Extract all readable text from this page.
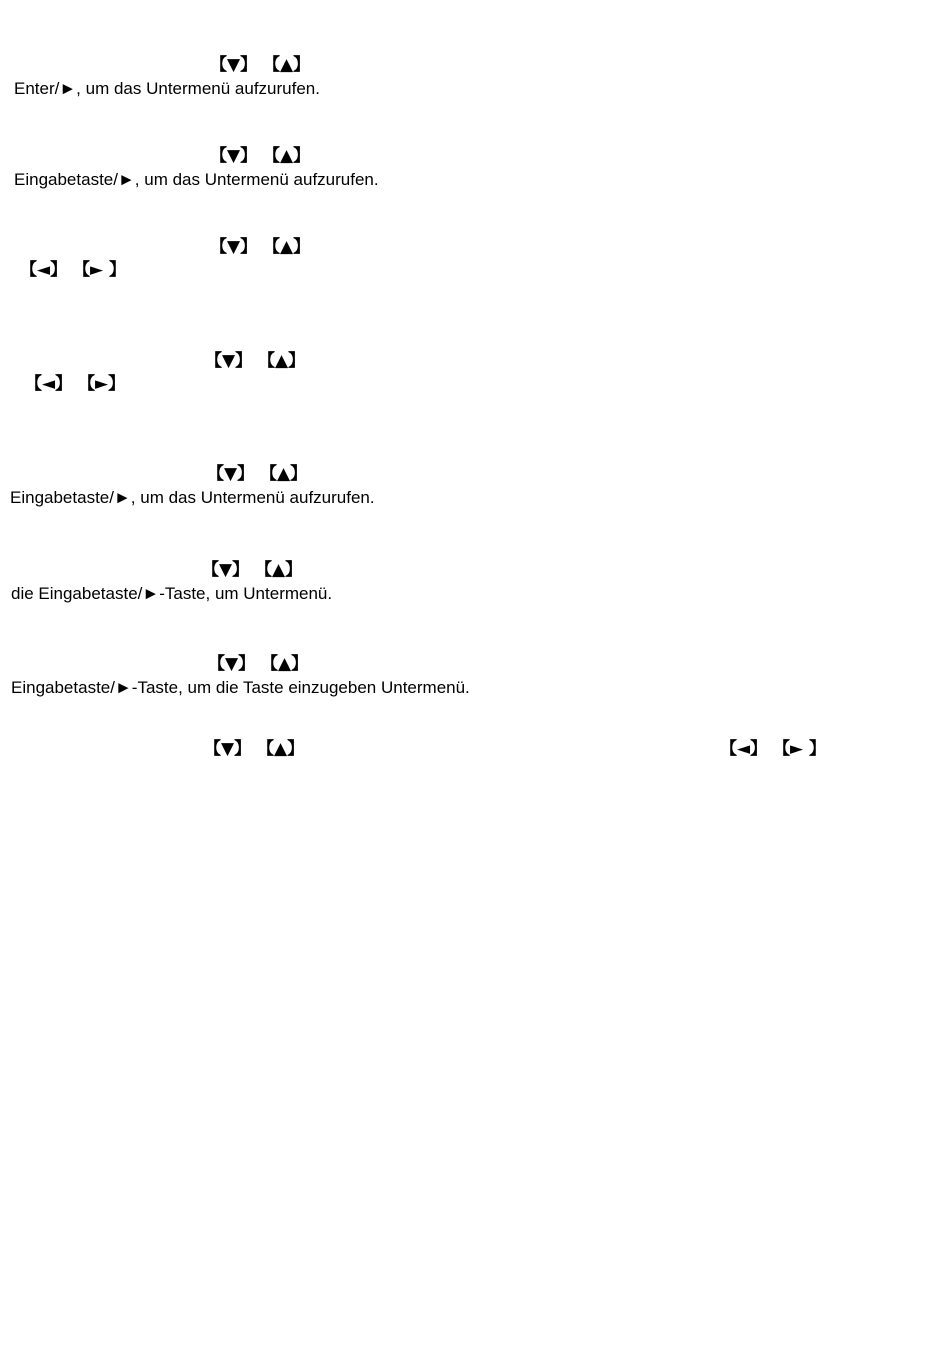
【▼】 【▲】
Enter/►, um das Untermenü aufzurufen.
【▼】 【▲】
Eingabetaste/►, um das Untermenü aufzurufen.
【▼】 【▲】
【◄】 【► 】
【▼】 【▲】
【◄】 【►】
【▼】 【▲】
Eingabetaste/►, um das Untermenü aufzurufen.
【▼】 【▲】
die Eingabetaste/►-Taste, um Untermenü.
【▼】 【▲】
Eingabetaste/►-Taste, um die Taste einzugeben Untermenü.
【▼】 【▲】	【◄】 【► 】
